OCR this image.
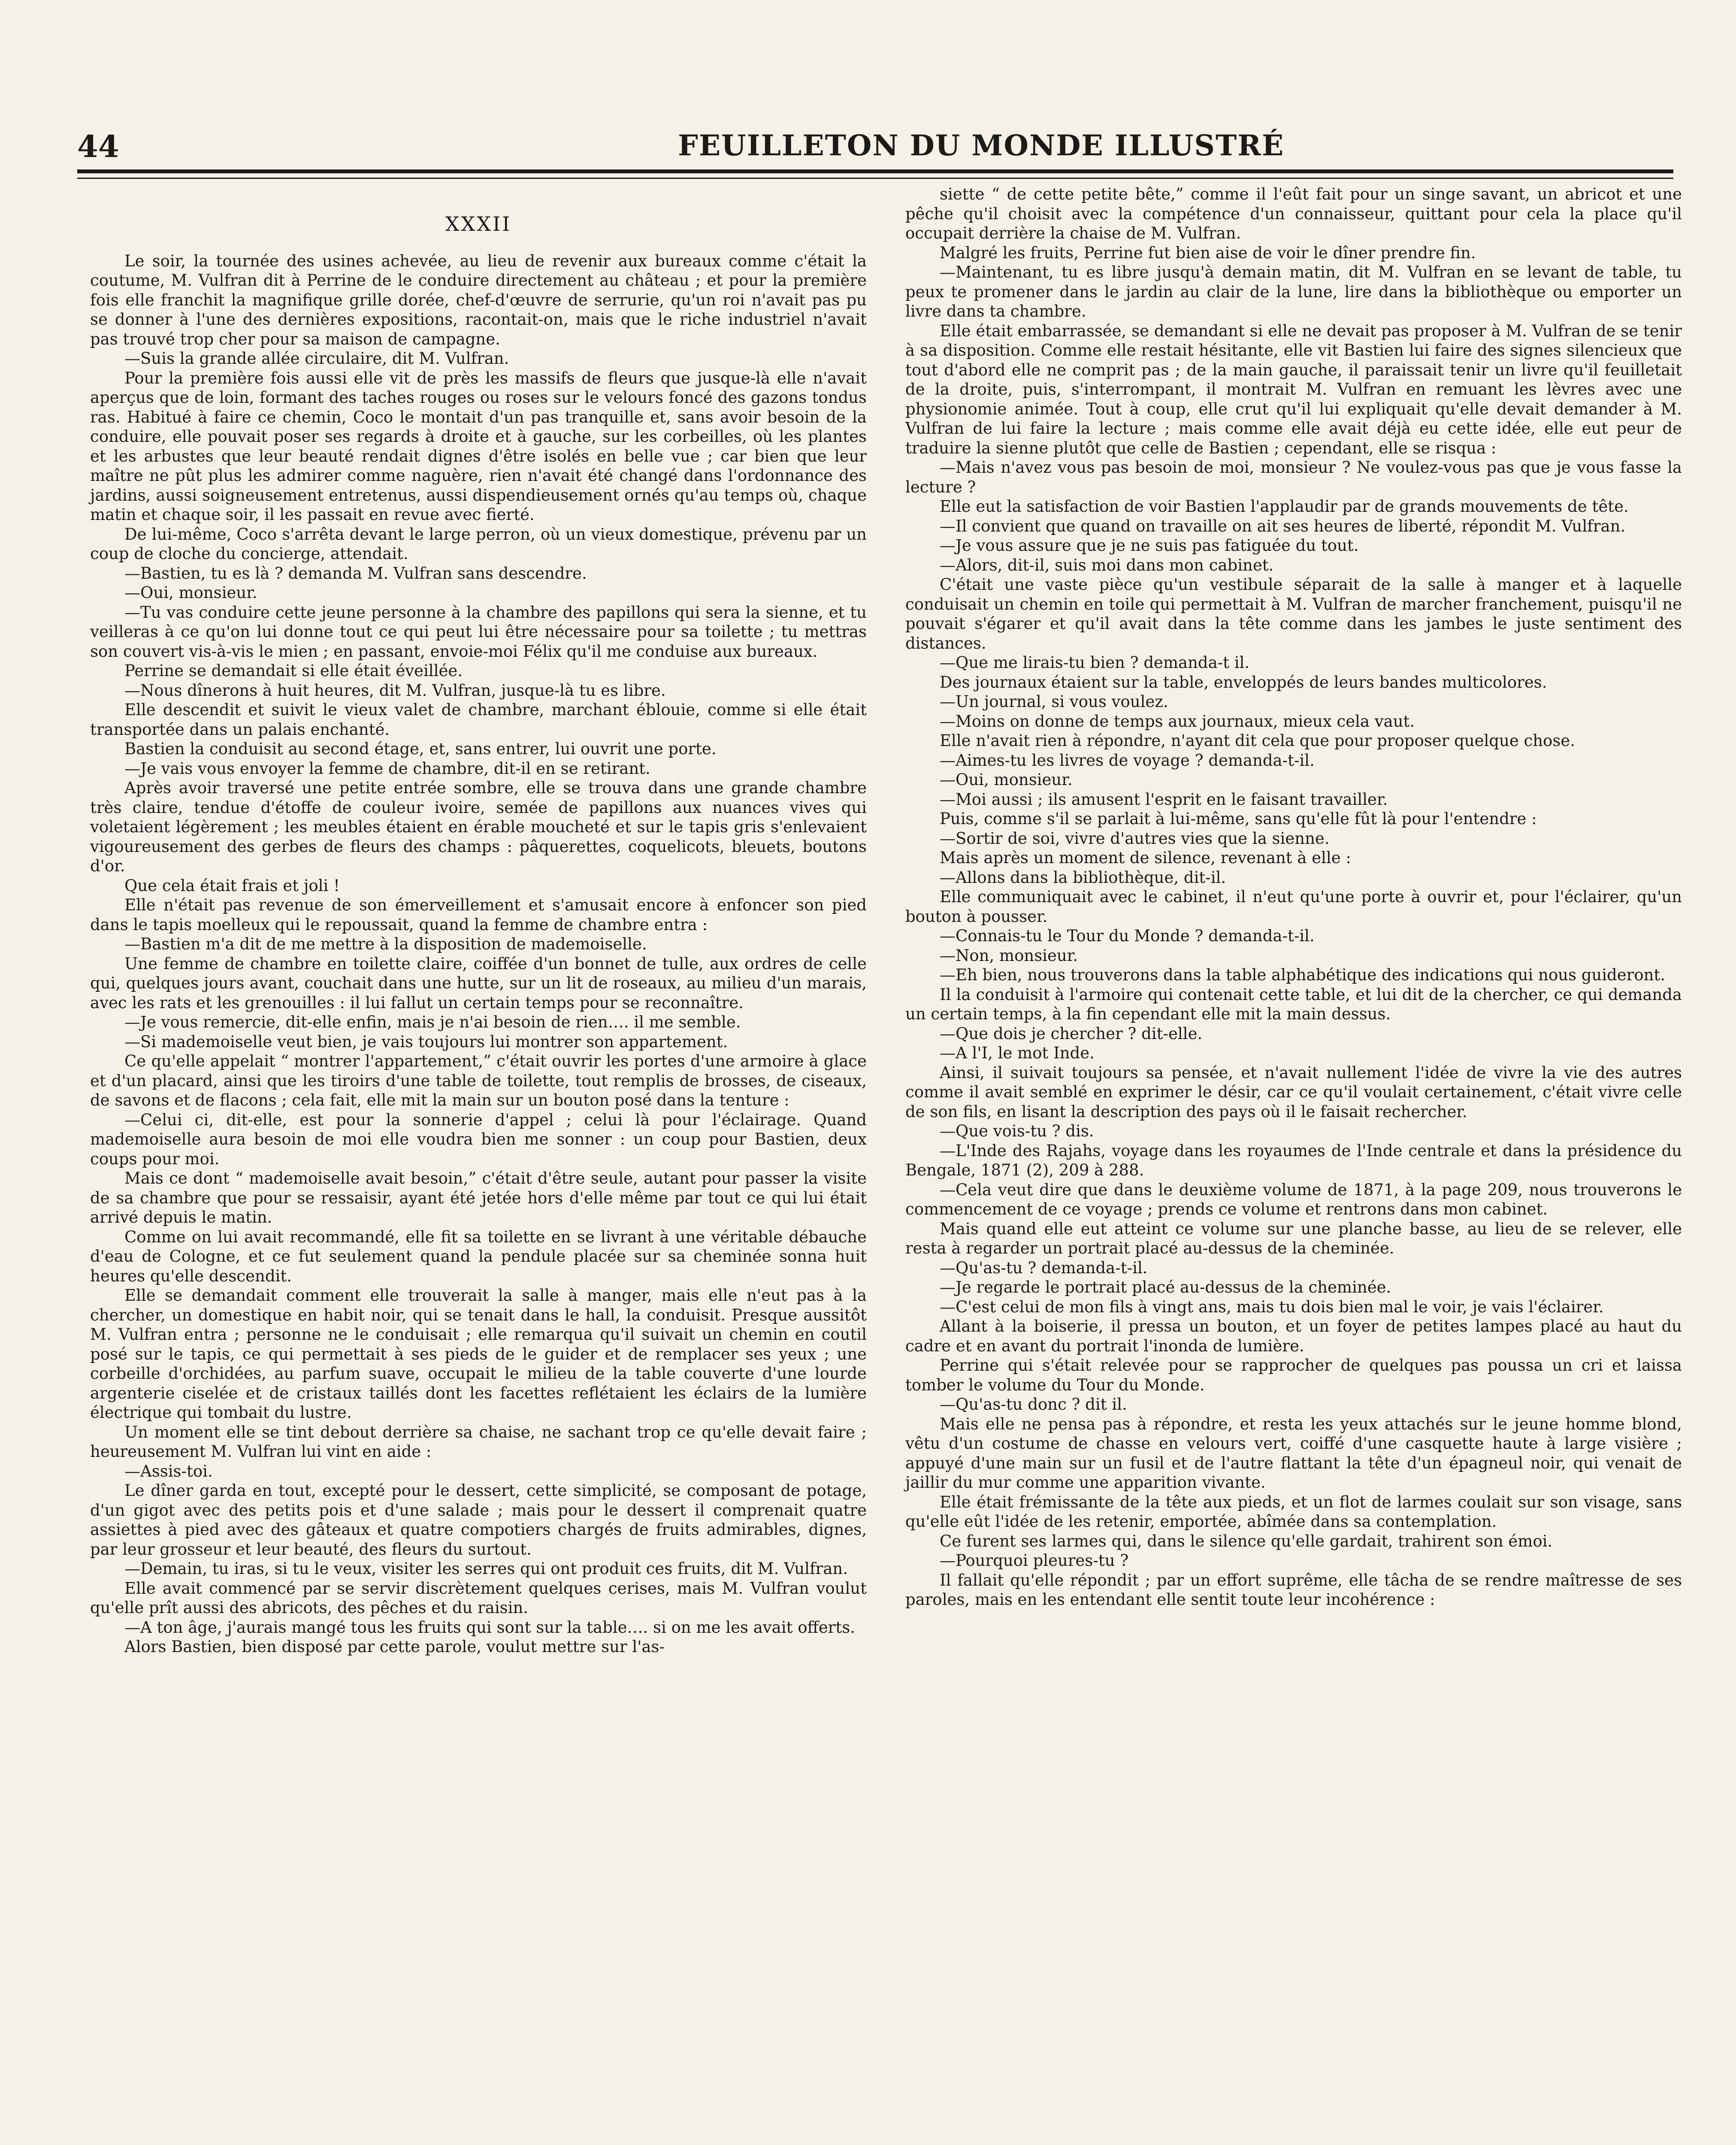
44	FEUILLETON DU MONDE ILLUSTRÉ
XXXII

Le soir, la tournée des usines achevée, au lieu de revenir aux bureaux comme c'était la coutume, M. Vulfran dit à Perrine de le conduire directement au château ; et pour la première fois elle franchit la magnifique grille dorée, chef-d'œuvre de serrurie, qu'un roi n'avait pas pu se donner à l'une des dernières expositions, racontait-on, mais que le riche industriel n'avait pas trouvé trop cher pour sa maison de campagne.

—Suis la grande allée circulaire, dit M. Vulfran.

Pour la première fois aussi elle vit de près les massifs de fleurs que jusque-là elle n'avait aperçus que de loin, formant des taches rouges ou roses sur le velours foncé des gazons tondus ras. Habitué à faire ce chemin, Coco le montait d'un pas tranquille et, sans avoir besoin de la conduire, elle pouvait poser ses regards à droite et à gauche, sur les corbeilles, où les plantes et les arbustes que leur beauté rendait dignes d'être isolés en belle vue ; car bien que leur maître ne pût plus les admirer comme naguère, rien n'avait été changé dans l'ordonnance des jardins, aussi soigneusement entretenus, aussi dispendieusement ornés qu'au temps où, chaque matin et chaque soir, il les passait en revue avec fierté.

De lui-même, Coco s'arrêta devant le large perron, où un vieux domestique, prévenu par un coup de cloche du concierge, attendait.

—Bastien, tu es là ? demanda M. Vulfran sans descendre.

—Oui, monsieur.

—Tu vas conduire cette jeune personne à la chambre des papillons qui sera la sienne, et tu veilleras à ce qu'on lui donne tout ce qui peut lui être nécessaire pour sa toilette ; tu mettras son couvert vis-à-vis le mien ; en passant, envoie-moi Félix qu'il me conduise aux bureaux.

Perrine se demandait si elle était éveillée.

—Nous dînerons à huit heures, dit M. Vulfran, jusque-là tu es libre.

Elle descendit et suivit le vieux valet de chambre, marchant éblouie, comme si elle était transportée dans un palais enchanté.

Bastien la conduisit au second étage, et, sans entrer, lui ouvrit une porte.

—Je vais vous envoyer la femme de chambre, dit-il en se retirant.

Après avoir traversé une petite entrée sombre, elle se trouva dans une grande chambre très claire, tendue d'étoffe de couleur ivoire, semée de papillons aux nuances vives qui voletaient légèrement ; les meubles étaient en érable moucheté et sur le tapis gris s'enlevaient vigoureusement des gerbes de fleurs des champs : pâquerettes, coquelicots, bleuets, boutons d'or.

Que cela était frais et joli !

Elle n'était pas revenue de son émerveillement et s'amusait encore à enfoncer son pied dans le tapis moelleux qui le repoussait, quand la femme de chambre entra :

—Bastien m'a dit de me mettre à la disposition de mademoiselle.

Une femme de chambre en toilette claire, coiffée d'un bonnet de tulle, aux ordres de celle qui, quelques jours avant, couchait dans une hutte, sur un lit de roseaux, au milieu d'un marais, avec les rats et les grenouilles : il lui fallut un certain temps pour se reconnaître.

—Je vous remercie, dit-elle enfin, mais je n'ai besoin de rien…. il me semble.

—Si mademoiselle veut bien, je vais toujours lui montrer son appartement.

Ce qu'elle appelait “ montrer l'appartement,” c'était ouvrir les portes d'une armoire à glace et d'un placard, ainsi que les tiroirs d'une table de toilette, tout remplis de brosses, de ciseaux, de savons et de flacons ; cela fait, elle mit la main sur un bouton posé dans la tenture :

—Celui ci, dit-elle, est pour la sonnerie d'appel ; celui là pour l'éclairage. Quand mademoiselle aura besoin de moi elle voudra bien me sonner : un coup pour Bastien, deux coups pour moi.

Mais ce dont “ mademoiselle avait besoin,” c'était d'être seule, autant pour passer la visite de sa chambre que pour se ressaisir, ayant été jetée hors d'elle même par tout ce qui lui était arrivé depuis le matin.

Comme on lui avait recommandé, elle fit sa toilette en se livrant à une véritable débauche d'eau de Cologne, et ce fut seulement quand la pendule placée sur sa cheminée sonna huit heures qu'elle descendit.

Elle se demandait comment elle trouverait la salle à manger, mais elle n'eut pas à la chercher, un domestique en habit noir, qui se tenait dans le hall, la conduisit. Presque aussitôt M. Vulfran entra ; personne ne le conduisait ; elle remarqua qu'il suivait un chemin en coutil posé sur le tapis, ce qui permettait à ses pieds de le guider et de remplacer ses yeux ; une corbeille d'orchidées, au parfum suave, occupait le milieu de la table couverte d'une lourde argenterie ciselée et de cristaux taillés dont les facettes reflétaient les éclairs de la lumière électrique qui tombait du lustre.

Un moment elle se tint debout derrière sa chaise, ne sachant trop ce qu'elle devait faire ; heureusement M. Vulfran lui vint en aide :

—Assis-toi.

Le dîner garda en tout, excepté pour le dessert, cette simplicité, se composant de potage, d'un gigot avec des petits pois et d'une salade ; mais pour le dessert il comprenait quatre assiettes à pied avec des gâteaux et quatre compotiers chargés de fruits admirables, dignes, par leur grosseur et leur beauté, des fleurs du surtout.

—Demain, tu iras, si tu le veux, visiter les serres qui ont produit ces fruits, dit M. Vulfran.

Elle avait commencé par se servir discrètement quelques cerises, mais M. Vulfran voulut qu'elle prît aussi des abricots, des pêches et du raisin.

—A ton âge, j'aurais mangé tous les fruits qui sont sur la table…. si on me les avait offerts.

Alors Bastien, bien disposé par cette parole, voulut mettre sur l'as-

siette “ de cette petite bête,” comme il l'eût fait pour un singe savant, un abricot et une pêche qu'il choisit avec la compétence d'un connaisseur, quittant pour cela la place qu'il occupait derrière la chaise de M. Vulfran.

Malgré les fruits, Perrine fut bien aise de voir le dîner prendre fin.

—Maintenant, tu es libre jusqu'à demain matin, dit M. Vulfran en se levant de table, tu peux te promener dans le jardin au clair de la lune, lire dans la bibliothèque ou emporter un livre dans ta chambre.

Elle était embarrassée, se demandant si elle ne devait pas proposer à M. Vulfran de se tenir à sa disposition. Comme elle restait hésitante, elle vit Bastien lui faire des signes silencieux que tout d'abord elle ne comprit pas ; de la main gauche, il paraissait tenir un livre qu'il feuilletait de la droite, puis, s'interrompant, il montrait M. Vulfran en remuant les lèvres avec une physionomie animée. Tout à coup, elle crut qu'il lui expliquait qu'elle devait demander à M. Vulfran de lui faire la lecture ; mais comme elle avait déjà eu cette idée, elle eut peur de traduire la sienne plutôt que celle de Bastien ; cependant, elle se risqua :

—Mais n'avez vous pas besoin de moi, monsieur ? Ne voulez-vous pas que je vous fasse la lecture ?

Elle eut la satisfaction de voir Bastien l'applaudir par de grands mouvements de tête.

—Il convient que quand on travaille on ait ses heures de liberté, répondit M. Vulfran.

—Je vous assure que je ne suis pas fatiguée du tout.

—Alors, dit-il, suis moi dans mon cabinet.

C'était une vaste pièce qu'un vestibule séparait de la salle à manger et à laquelle conduisait un chemin en toile qui permettait à M. Vulfran de marcher franchement, puisqu'il ne pouvait s'égarer et qu'il avait dans la tête comme dans les jambes le juste sentiment des distances.

—Que me lirais-tu bien ? demanda-t il.

Des journaux étaient sur la table, enveloppés de leurs bandes multicolores.

—Un journal, si vous voulez.

—Moins on donne de temps aux journaux, mieux cela vaut.

Elle n'avait rien à répondre, n'ayant dit cela que pour proposer quelque chose.

—Aimes-tu les livres de voyage ? demanda-t-il.

—Oui, monsieur.

—Moi aussi ; ils amusent l'esprit en le faisant travailler.

Puis, comme s'il se parlait à lui-même, sans qu'elle fût là pour l'entendre :

—Sortir de soi, vivre d'autres vies que la sienne.

Mais après un moment de silence, revenant à elle :

—Allons dans la bibliothèque, dit-il.

Elle communiquait avec le cabinet, il n'eut qu'une porte à ouvrir et, pour l'éclairer, qu'un bouton à pousser.

—Connais-tu le Tour du Monde ? demanda-t-il.

—Non, monsieur.

—Eh bien, nous trouverons dans la table alphabétique des indications qui nous guideront.

Il la conduisit à l'armoire qui contenait cette table, et lui dit de la chercher, ce qui demanda un certain temps, à la fin cependant elle mit la main dessus.

—Que dois je chercher ? dit-elle.

—A l'I, le mot Inde.

Ainsi, il suivait toujours sa pensée, et n'avait nullement l'idée de vivre la vie des autres comme il avait semblé en exprimer le désir, car ce qu'il voulait certainement, c'était vivre celle de son fils, en lisant la description des pays où il le faisait rechercher.

—Que vois-tu ? dis.

—L'Inde des Rajahs, voyage dans les royaumes de l'Inde centrale et dans la présidence du Bengale, 1871 (2), 209 à 288.

—Cela veut dire que dans le deuxième volume de 1871, à la page 209, nous trouverons le commencement de ce voyage ; prends ce volume et rentrons dans mon cabinet.

Mais quand elle eut atteint ce volume sur une planche basse, au lieu de se relever, elle resta à regarder un portrait placé au-dessus de la cheminée.

—Qu'as-tu ? demanda-t-il.

—Je regarde le portrait placé au-dessus de la cheminée.

—C'est celui de mon fils à vingt ans, mais tu dois bien mal le voir, je vais l'éclairer.

Allant à la boiserie, il pressa un bouton, et un foyer de petites lampes placé au haut du cadre et en avant du portrait l'inonda de lumière.

Perrine qui s'était relevée pour se rapprocher de quelques pas poussa un cri et laissa tomber le volume du Tour du Monde.

—Qu'as-tu donc ? dit il.

Mais elle ne pensa pas à répondre, et resta les yeux attachés sur le jeune homme blond, vêtu d'un costume de chasse en velours vert, coiffé d'une casquette haute à large visière ; appuyé d'une main sur un fusil et de l'autre flattant la tête d'un épagneul noir, qui venait de jaillir du mur comme une apparition vivante.

Elle était frémissante de la tête aux pieds, et un flot de larmes coulait sur son visage, sans qu'elle eût l'idée de les retenir, emportée, abîmée dans sa contemplation.

Ce furent ses larmes qui, dans le silence qu'elle gardait, trahirent son émoi.

—Pourquoi pleures-tu ?

Il fallait qu'elle répondit ; par un effort suprême, elle tâcha de se rendre maîtresse de ses paroles, mais en les entendant elle sentit toute leur incohérence :
